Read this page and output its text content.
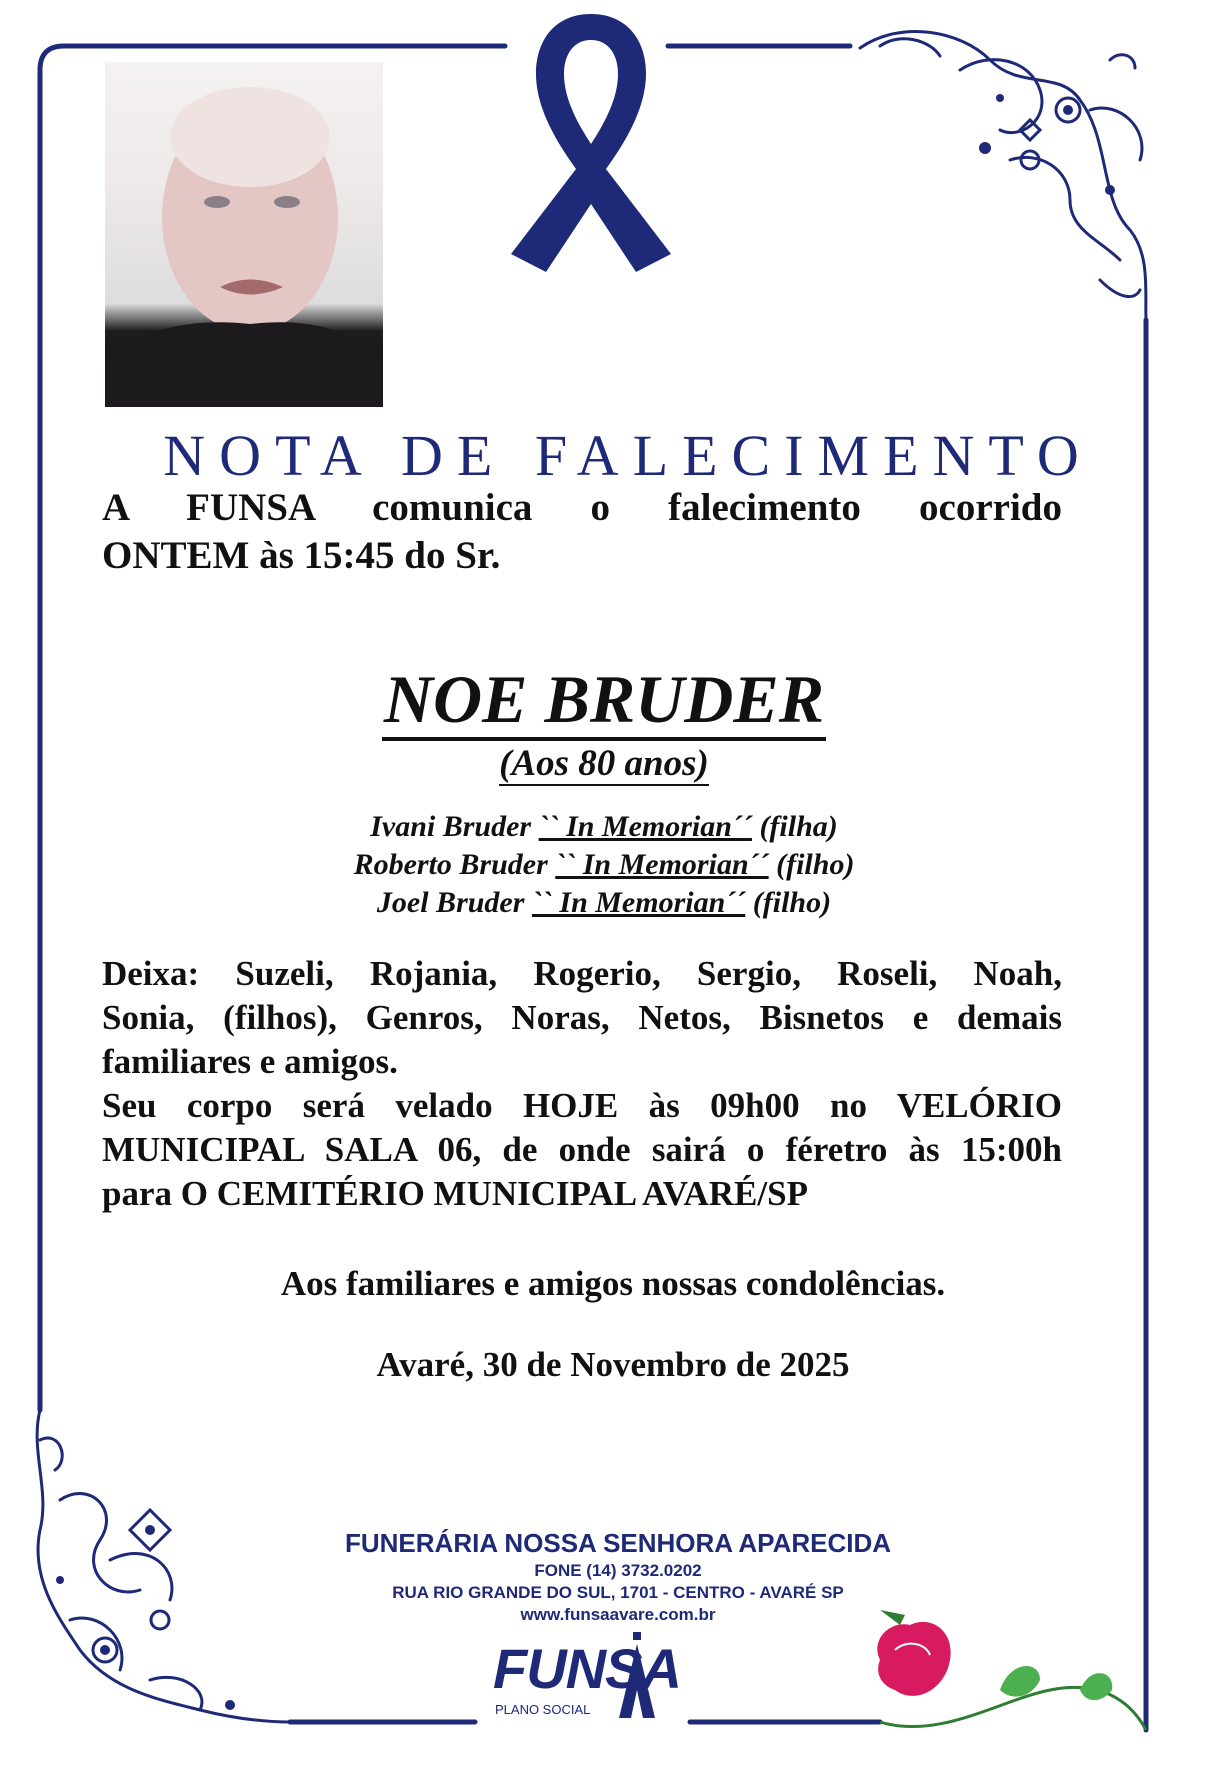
NOTA DE FALECIMENTO
A FUNSA comunica o falecimento ocorrido
ONTEM às 15:45 do Sr.
NOE BRUDER
(Aos 80 anos)
Ivani Bruder `` In Memorian´´ (filha)
Roberto Bruder `` In Memorian´´ (filho)
Joel Bruder `` In Memorian´´ (filho)
Deixa: Suzeli, Rojania, Rogerio, Sergio, Roseli, Noah,
Sonia, (filhos), Genros, Noras, Netos, Bisnetos e demais
familiares e amigos.
Seu corpo será velado HOJE às 09h00 no VELÓRIO
MUNICIPAL SALA 06, de onde sairá o féretro às 15:00h
para O CEMITÉRIO MUNICIPAL AVARÉ/SP
Aos familiares e amigos nossas condolências.
Avaré, 30 de Novembro de 2025
FUNERÁRIA NOSSA SENHORA APARECIDA
FONE (14) 3732.0202
RUA RIO GRANDE DO SUL, 1701 - CENTRO - AVARÉ SP
www.funsaavare.com.br
FUNSA
PLANO SOCIAL
